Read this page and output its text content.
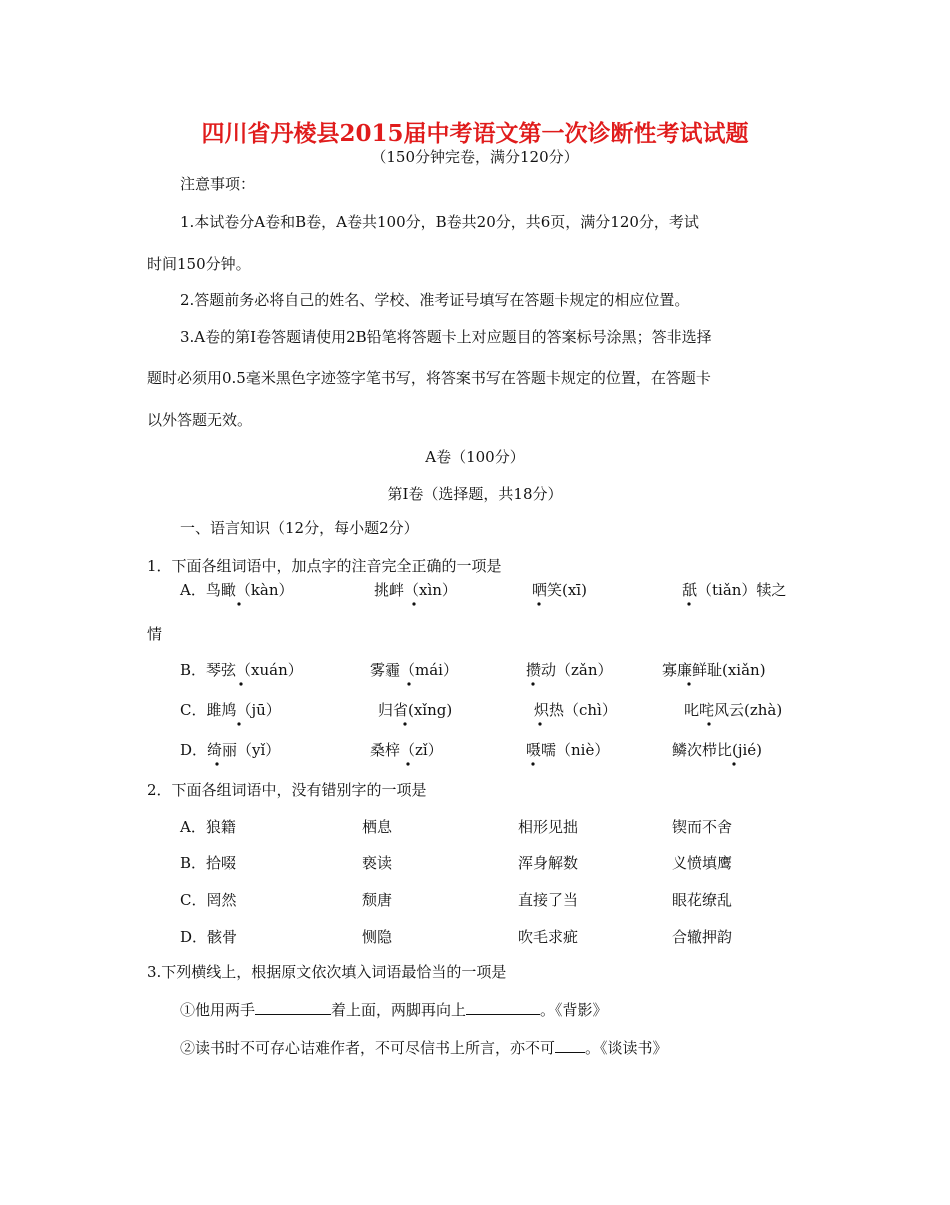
四川省丹棱县2015届中考语文第一次诊断性考试试题
（150分钟完卷，满分120分）
注意事项：
1.本试卷分A卷和B卷，A卷共100分，B卷共20分，共6页，满分120分，考试
时间150分钟。
2.答题前务必将自己的姓名、学校、准考证号填写在答题卡规定的相应位置。
3.A卷的第Ⅰ卷答题请使用2B铅笔将答题卡上对应题目的答案标号涂黑；答非选择
题时必须用0.5毫米黑色字迹签字笔书写，将答案书写在答题卡规定的位置，在答题卡
以外答题无效。
A卷（100分）
第Ⅰ卷（选择题，共18分）
一、语言知识（12分，每小题2分）
1．下面各组词语中，加点字的注音完全正确的一项是
A．鸟瞰（kàn）	挑衅（xìn）	哂笑(xī)	舐（tiǎn）犊之
情
B．琴弦（xuán）	雾霾（mái）	攒动（zǎn）	寡廉鲜耻(xiǎn)
C．雎鸠（jū）	归省(xǐng)	炽热（chì）	叱咤风云(zhà)
D．绮丽（yǐ）	桑梓（zǐ）	嗫嚅（niè）	鳞次栉比(jié)
2．下面各组词语中，没有错别字的一项是
A．狼籍	栖息	相形见拙	锲而不舍
B．拾啜	亵读	浑身解数	义愤填鹰
C．罔然	颓唐	直接了当	眼花缭乱
D．骸骨	恻隐	吹毛求疵	合辙押韵
3.下列横线上，根据原文依次填入词语最恰当的一项是
①他用两手	着上面，两脚再向上	。《背影》
②读书时不可存心诘难作者，不可尽信书上所言，亦不可 。《谈读书》
